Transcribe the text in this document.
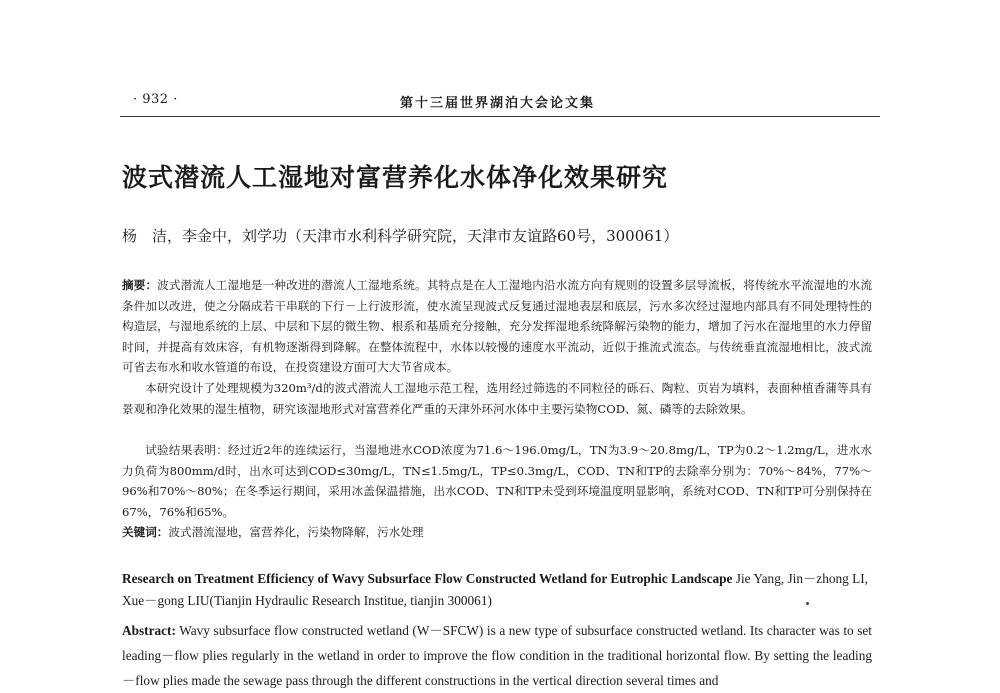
· 932 ·	第十三届世界湖泊大会论文集
波式潜流人工湿地对富营养化水体净化效果研究
杨　洁，李金中，刘学功（天津市水利科学研究院，天津市友谊路60号，300061）

摘要：波式潜流人工湿地是一种改进的潜流人工湿地系统。其特点是在人工湿地内沿水流方向有规则的设置多层导流板，将传统水平流湿地的水流条件加以改进，使之分隔成若干串联的下行－上行波形流，使水流呈现波式反复通过湿地表层和底层，污水多次经过湿地内部具有不同处理特性的构造层，与湿地系统的上层、中层和下层的微生物、根系和基质充分接触，充分发挥湿地系统降解污染物的能力，增加了污水在湿地里的水力停留时间，并提高有效床容，有机物逐渐得到降解。在整体流程中，水体以较慢的速度水平流动，近似于推流式流态。与传统垂直流湿地相比，波式流可省去布水和收水管道的布设，在投资建设方面可大大节省成本。

本研究设计了处理规模为320m³/d的波式潜流人工湿地示范工程，选用经过筛选的不同粒径的砾石、陶粒、页岩为填料，表面种植香蒲等具有景观和净化效果的湿生植物，研究该湿地形式对富营养化严重的天津外环河水体中主要污染物COD、氮、磷等的去除效果。

试验结果表明：经过近2年的连续运行，当湿地进水COD浓度为71.6～196.0mg/L，TN为3.9～20.8mg/L，TP为0.2～1.2mg/L，进水水力负荷为800mm/d时，出水可达到COD≤30mg/L，TN≤1.5mg/L，TP≤0.3mg/L，COD、TN和TP的去除率分别为：70%～84%，77%～96%和70%～80%；在冬季运行期间，采用冰盖保温措施，出水COD、TN和TP未受到环境温度明显影响，系统对COD、TN和TP可分别保持在67%，76%和65%。

关键词：波式潜流湿地，富营养化，污染物降解，污水处理

Research on Treatment Efficiency of Wavy Subsurface Flow Constructed Wetland for Eutrophic Landscape Jie Yang, Jin－zhong LI, Xue－gong LIU(Tianjin Hydraulic Research Institue, tianjin 300061)

Abstract: Wavy subsurface flow constructed wetland (W－SFCW) is a new type of subsurface constructed wetland. Its character was to set leading－flow plies regularly in the wetland in order to improve the flow condition in the traditional horizontal flow. By setting the leading－flow plies made the sewage pass through the different constructions in the vertical direction several times and
